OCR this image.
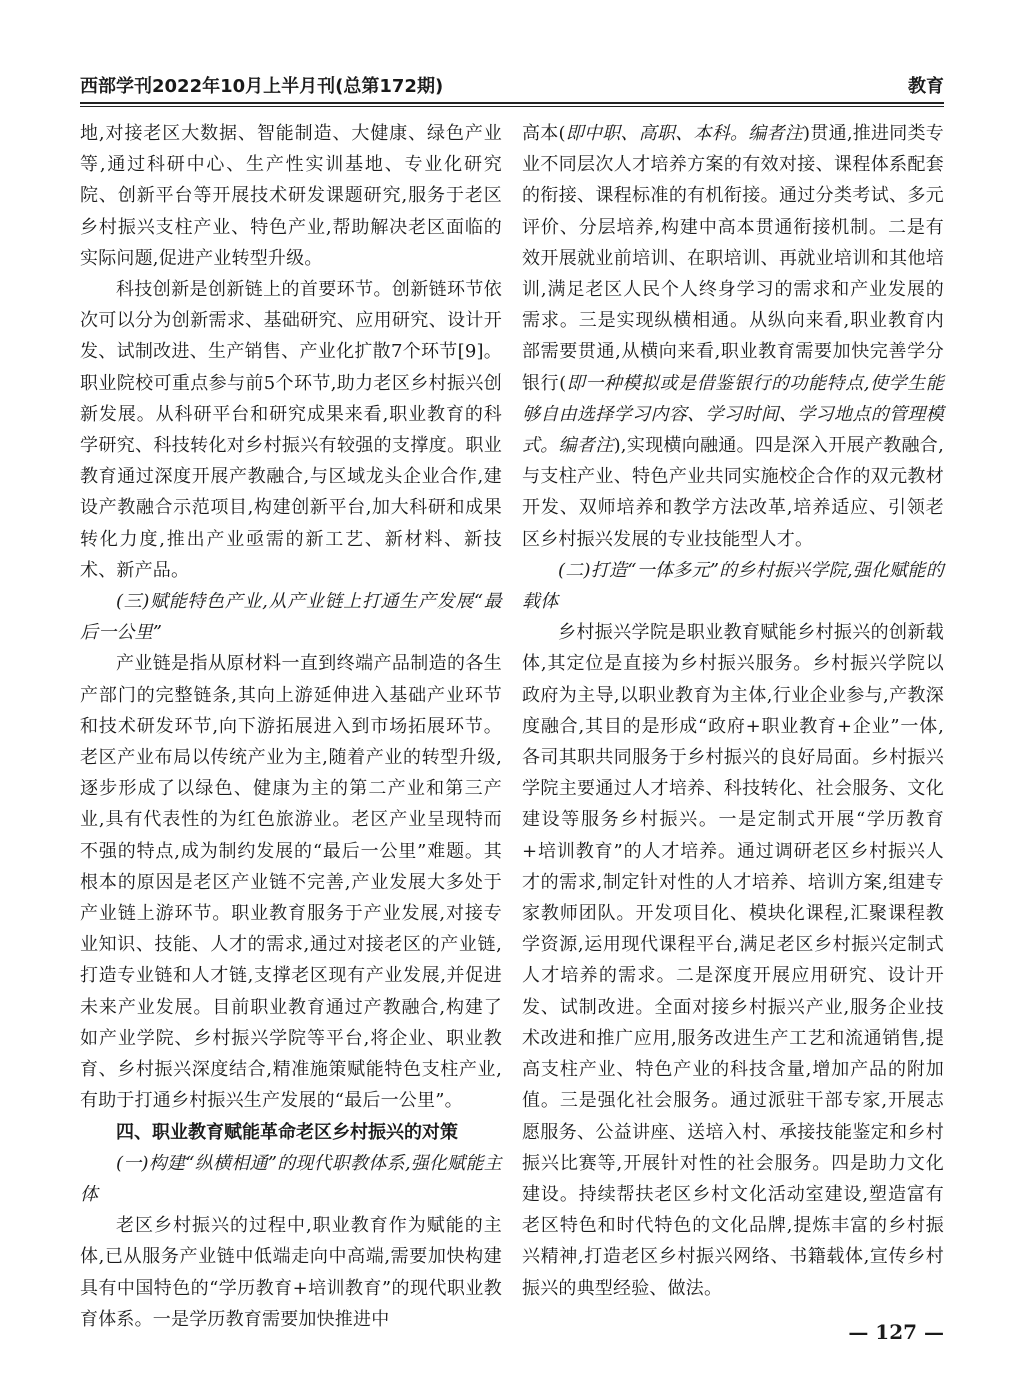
西部学刊2022年10月上半月刊(总第172期)	教育

地,对接老区大数据、智能制造、大健康、绿色产业等,通过科研中心、生产性实训基地、专业化研究院、创新平台等开展技术研发课题研究,服务于老区乡村振兴支柱产业、特色产业,帮助解决老区面临的实际问题,促进产业转型升级。

科技创新是创新链上的首要环节。创新链环节依次可以分为创新需求、基础研究、应用研究、设计开发、试制改进、生产销售、产业化扩散7个环节[9]。职业院校可重点参与前5个环节,助力老区乡村振兴创新发展。从科研平台和研究成果来看,职业教育的科学研究、科技转化对乡村振兴有较强的支撑度。职业教育通过深度开展产教融合,与区域龙头企业合作,建设产教融合示范项目,构建创新平台,加大科研和成果转化力度,推出产业亟需的新工艺、新材料、新技术、新产品。

(三)赋能特色产业,从产业链上打通生产发展“最后一公里”

产业链是指从原材料一直到终端产品制造的各生产部门的完整链条,其向上游延伸进入基础产业环节和技术研发环节,向下游拓展进入到市场拓展环节。老区产业布局以传统产业为主,随着产业的转型升级,逐步形成了以绿色、健康为主的第二产业和第三产业,具有代表性的为红色旅游业。老区产业呈现特而不强的特点,成为制约发展的“最后一公里”难题。其根本的原因是老区产业链不完善,产业发展大多处于产业链上游环节。职业教育服务于产业发展,对接专业知识、技能、人才的需求,通过对接老区的产业链,打造专业链和人才链,支撑老区现有产业发展,并促进未来产业发展。目前职业教育通过产教融合,构建了如产业学院、乡村振兴学院等平台,将企业、职业教育、乡村振兴深度结合,精准施策赋能特色支柱产业,有助于打通乡村振兴生产发展的“最后一公里”。

四、职业教育赋能革命老区乡村振兴的对策

(一)构建“纵横相通”的现代职教体系,强化赋能主体

老区乡村振兴的过程中,职业教育作为赋能的主体,已从服务产业链中低端走向中高端,需要加快构建具有中国特色的“学历教育+培训教育”的现代职业教育体系。一是学历教育需要加快推进中

高本(即中职、高职、本科。编者注)贯通,推进同类专业不同层次人才培养方案的有效对接、课程体系配套的衔接、课程标准的有机衔接。通过分类考试、多元评价、分层培养,构建中高本贯通衔接机制。二是有效开展就业前培训、在职培训、再就业培训和其他培训,满足老区人民个人终身学习的需求和产业发展的需求。三是实现纵横相通。从纵向来看,职业教育内部需要贯通,从横向来看,职业教育需要加快完善学分银行(即一种模拟或是借鉴银行的功能特点,使学生能够自由选择学习内容、学习时间、学习地点的管理模式。编者注),实现横向融通。四是深入开展产教融合,与支柱产业、特色产业共同实施校企合作的双元教材开发、双师培养和教学方法改革,培养适应、引领老区乡村振兴发展的专业技能型人才。

(二)打造“一体多元”的乡村振兴学院,强化赋能的载体

乡村振兴学院是职业教育赋能乡村振兴的创新载体,其定位是直接为乡村振兴服务。乡村振兴学院以政府为主导,以职业教育为主体,行业企业参与,产教深度融合,其目的是形成“政府+职业教育+企业”一体,各司其职共同服务于乡村振兴的良好局面。乡村振兴学院主要通过人才培养、科技转化、社会服务、文化建设等服务乡村振兴。一是定制式开展“学历教育+培训教育”的人才培养。通过调研老区乡村振兴人才的需求,制定针对性的人才培养、培训方案,组建专家教师团队。开发项目化、模块化课程,汇聚课程教学资源,运用现代课程平台,满足老区乡村振兴定制式人才培养的需求。二是深度开展应用研究、设计开发、试制改进。全面对接乡村振兴产业,服务企业技术改进和推广应用,服务改进生产工艺和流通销售,提高支柱产业、特色产业的科技含量,增加产品的附加值。三是强化社会服务。通过派驻干部专家,开展志愿服务、公益讲座、送培入村、承接技能鉴定和乡村振兴比赛等,开展针对性的社会服务。四是助力文化建设。持续帮扶老区乡村文化活动室建设,塑造富有老区特色和时代特色的文化品牌,提炼丰富的乡村振兴精神,打造老区乡村振兴网络、书籍载体,宣传乡村振兴的典型经验、做法。

— 127 —
